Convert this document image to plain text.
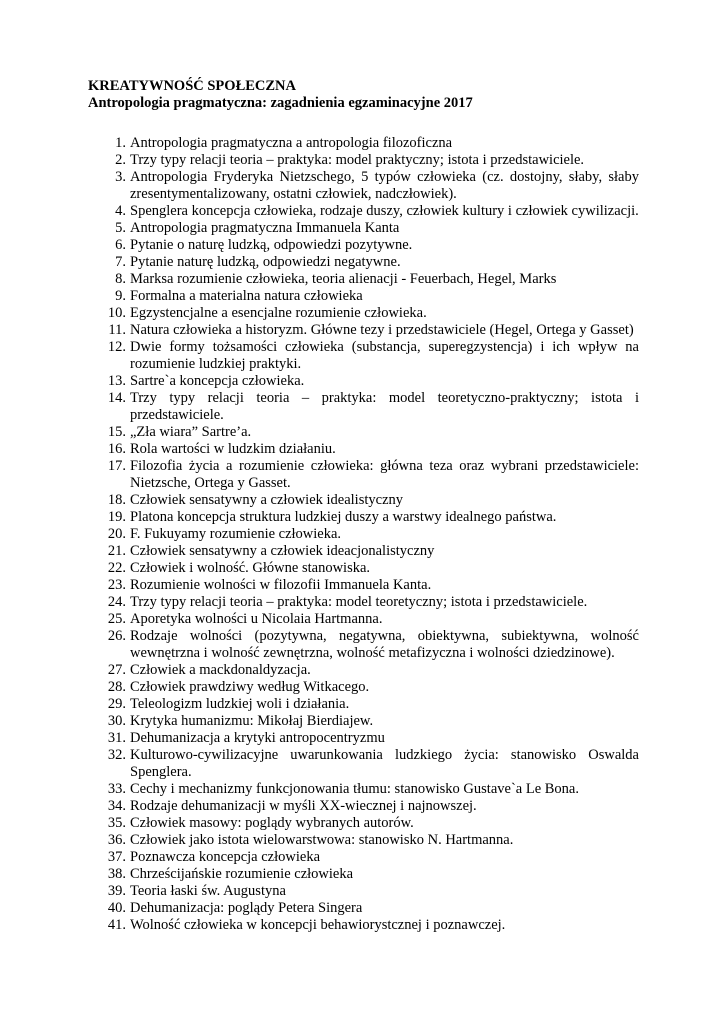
KREATYWNOŚĆ SPOŁECZNA
Antropologia pragmatyczna: zagadnienia egzaminacyjne 2017
1. Antropologia pragmatyczna a antropologia filozoficzna
2. Trzy typy relacji teoria – praktyka: model praktyczny; istota i przedstawiciele.
3. Antropologia Fryderyka Nietzschego, 5 typów człowieka (cz. dostojny, słaby, słaby zresentymentalizowany, ostatni człowiek, nadczłowiek).
4. Spenglera koncepcja człowieka, rodzaje duszy, człowiek kultury i człowiek cywilizacji.
5. Antropologia pragmatyczna Immanuela Kanta
6. Pytanie o naturę ludzką, odpowiedzi pozytywne.
7. Pytanie naturę ludzką, odpowiedzi negatywne.
8. Marksa rozumienie człowieka, teoria alienacji - Feuerbach, Hegel, Marks
9. Formalna a materialna natura człowieka
10. Egzystencjalne a esencjalne rozumienie człowieka.
11. Natura człowieka a historyzm. Główne tezy i przedstawiciele (Hegel, Ortega y Gasset)
12. Dwie formy tożsamości człowieka (substancja, superegzystencja) i ich wpływ na rozumienie ludzkiej praktyki.
13. Sartre`a koncepcja człowieka.
14. Trzy typy relacji teoria – praktyka: model teoretyczno-praktyczny; istota i przedstawiciele.
15. „Zła wiara” Sartre’a.
16. Rola wartości w ludzkim działaniu.
17. Filozofia życia a rozumienie człowieka: główna teza oraz wybrani przedstawiciele: Nietzsche, Ortega y Gasset.
18. Człowiek sensatywny a człowiek idealistyczny
19. Platona koncepcja struktura ludzkiej duszy a warstwy idealnego państwa.
20. F. Fukuyamy rozumienie człowieka.
21. Człowiek sensatywny a człowiek ideacjonalistyczny
22. Człowiek i wolność. Główne stanowiska.
23. Rozumienie wolności w filozofii Immanuela Kanta.
24. Trzy typy relacji teoria – praktyka: model teoretyczny; istota i przedstawiciele.
25. Aporetyka wolności u Nicolaia Hartmanna.
26. Rodzaje wolności (pozytywna, negatywna, obiektywna, subiektywna, wolność wewnętrzna i wolność zewnętrzna, wolność metafizyczna i wolności dziedzinowe).
27. Człowiek a mackdonaldyzacja.
28. Człowiek prawdziwy według Witkacego.
29. Teleologizm ludzkiej woli i działania.
30. Krytyka humanizmu: Mikołaj Bierdiajew.
31. Dehumanizacja a krytyki antropocentryzmu
32. Kulturowo-cywilizacyjne uwarunkowania ludzkiego życia: stanowisko Oswalda Spenglera.
33. Cechy i mechanizmy funkcjonowania tłumu: stanowisko Gustave`a Le Bona.
34. Rodzaje dehumanizacji w myśli XX-wiecznej i najnowszej.
35. Człowiek masowy: poglądy wybranych autorów.
36. Człowiek jako istota wielowarstwowa: stanowisko N. Hartmanna.
37. Poznawcza koncepcja człowieka
38. Chrześcijańskie rozumienie człowieka
39. Teoria łaski św. Augustyna
40. Dehumanizacja: poglądy Petera Singera
41. Wolność człowieka w koncepcji behawiorystcznej i poznawczej.
